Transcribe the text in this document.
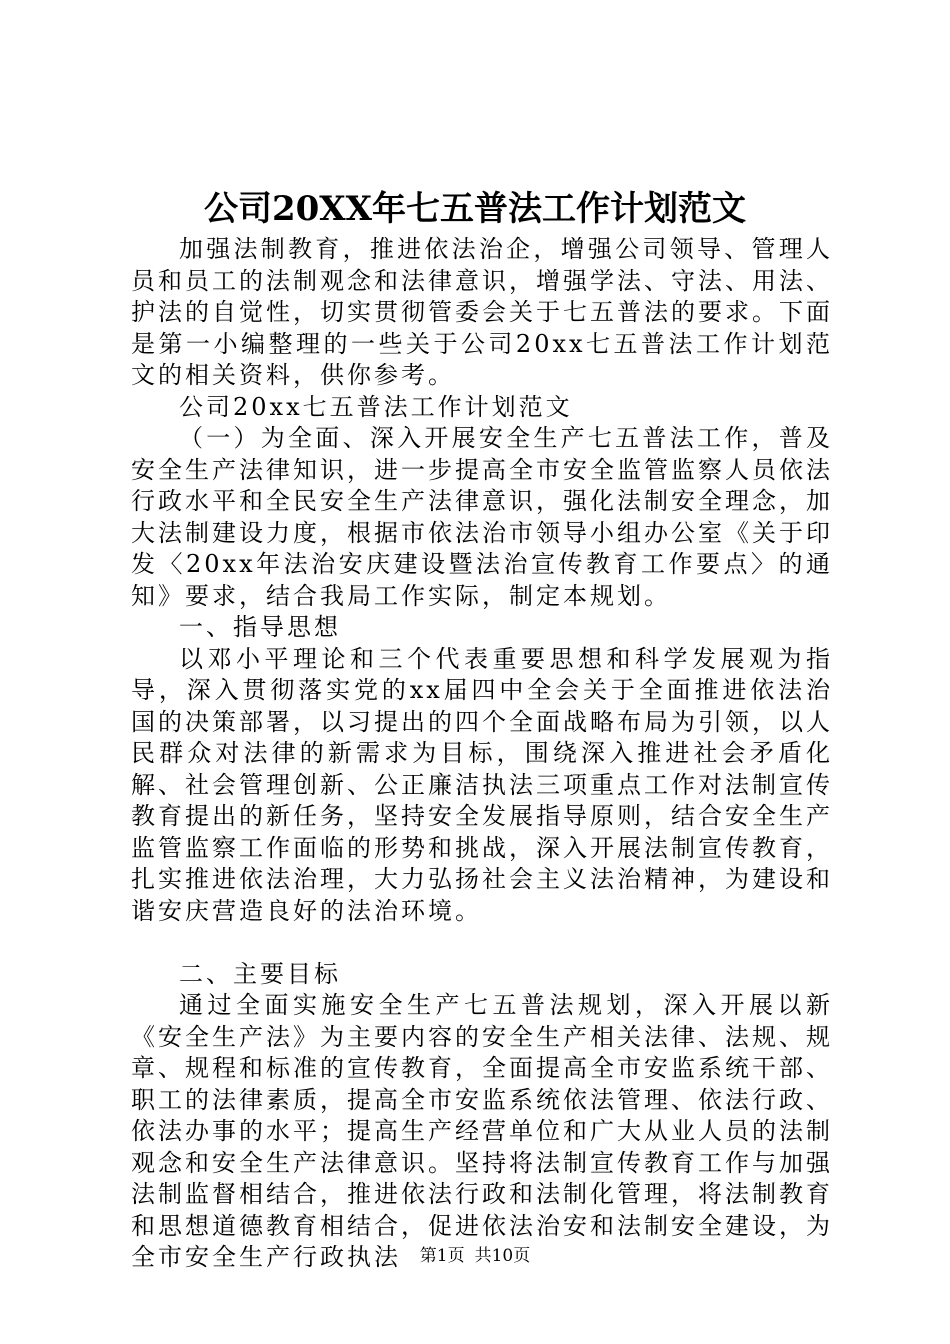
公司20XX年七五普法工作计划范文

加强法制教育，推进依法治企，增强公司领导、管理人员和员工的法制观念和法律意识，增强学法、守法、用法、护法的自觉性，切实贯彻管委会关于七五普法的要求。下面是第一小编整理的一些关于公司20xx七五普法工作计划范文的相关资料，供你参考。

公司20xx七五普法工作计划范文

（一）为全面、深入开展安全生产七五普法工作，普及安全生产法律知识，进一步提高全市安全监管监察人员依法行政水平和全民安全生产法律意识，强化法制安全理念，加大法制建设力度，根据市依法治市领导小组办公室《关于印发〈20xx年法治安庆建设暨法治宣传教育工作要点〉的通知》要求，结合我局工作实际，制定本规划。

一、指导思想

以邓小平理论和三个代表重要思想和科学发展观为指导，深入贯彻落实党的xx届四中全会关于全面推进依法治国的决策部署，以习提出的四个全面战略布局为引领，以人民群众对法律的新需求为目标，围绕深入推进社会矛盾化解、社会管理创新、公正廉洁执法三项重点工作对法制宣传教育提出的新任务，坚持安全发展指导原则，结合安全生产监管监察工作面临的形势和挑战，深入开展法制宣传教育，扎实推进依法治理，大力弘扬社会主义法治精神，为建设和谐安庆营造良好的法治环境。

二、主要目标

通过全面实施安全生产七五普法规划，深入开展以新《安全生产法》为主要内容的安全生产相关法律、法规、规章、规程和标准的宣传教育，全面提高全市安监系统干部、职工的法律素质，提高全市安监系统依法管理、依法行政、依法办事的水平；提高生产经营单位和广大从业人员的法制观念和安全生产法律意识。坚持将法制宣传教育工作与加强法制监督相结合，推进依法行政和法制化管理，将法制教育和思想道德教育相结合，促进依法治安和法制安全建设，为全市安全生产行政执法	第1页 共10页
